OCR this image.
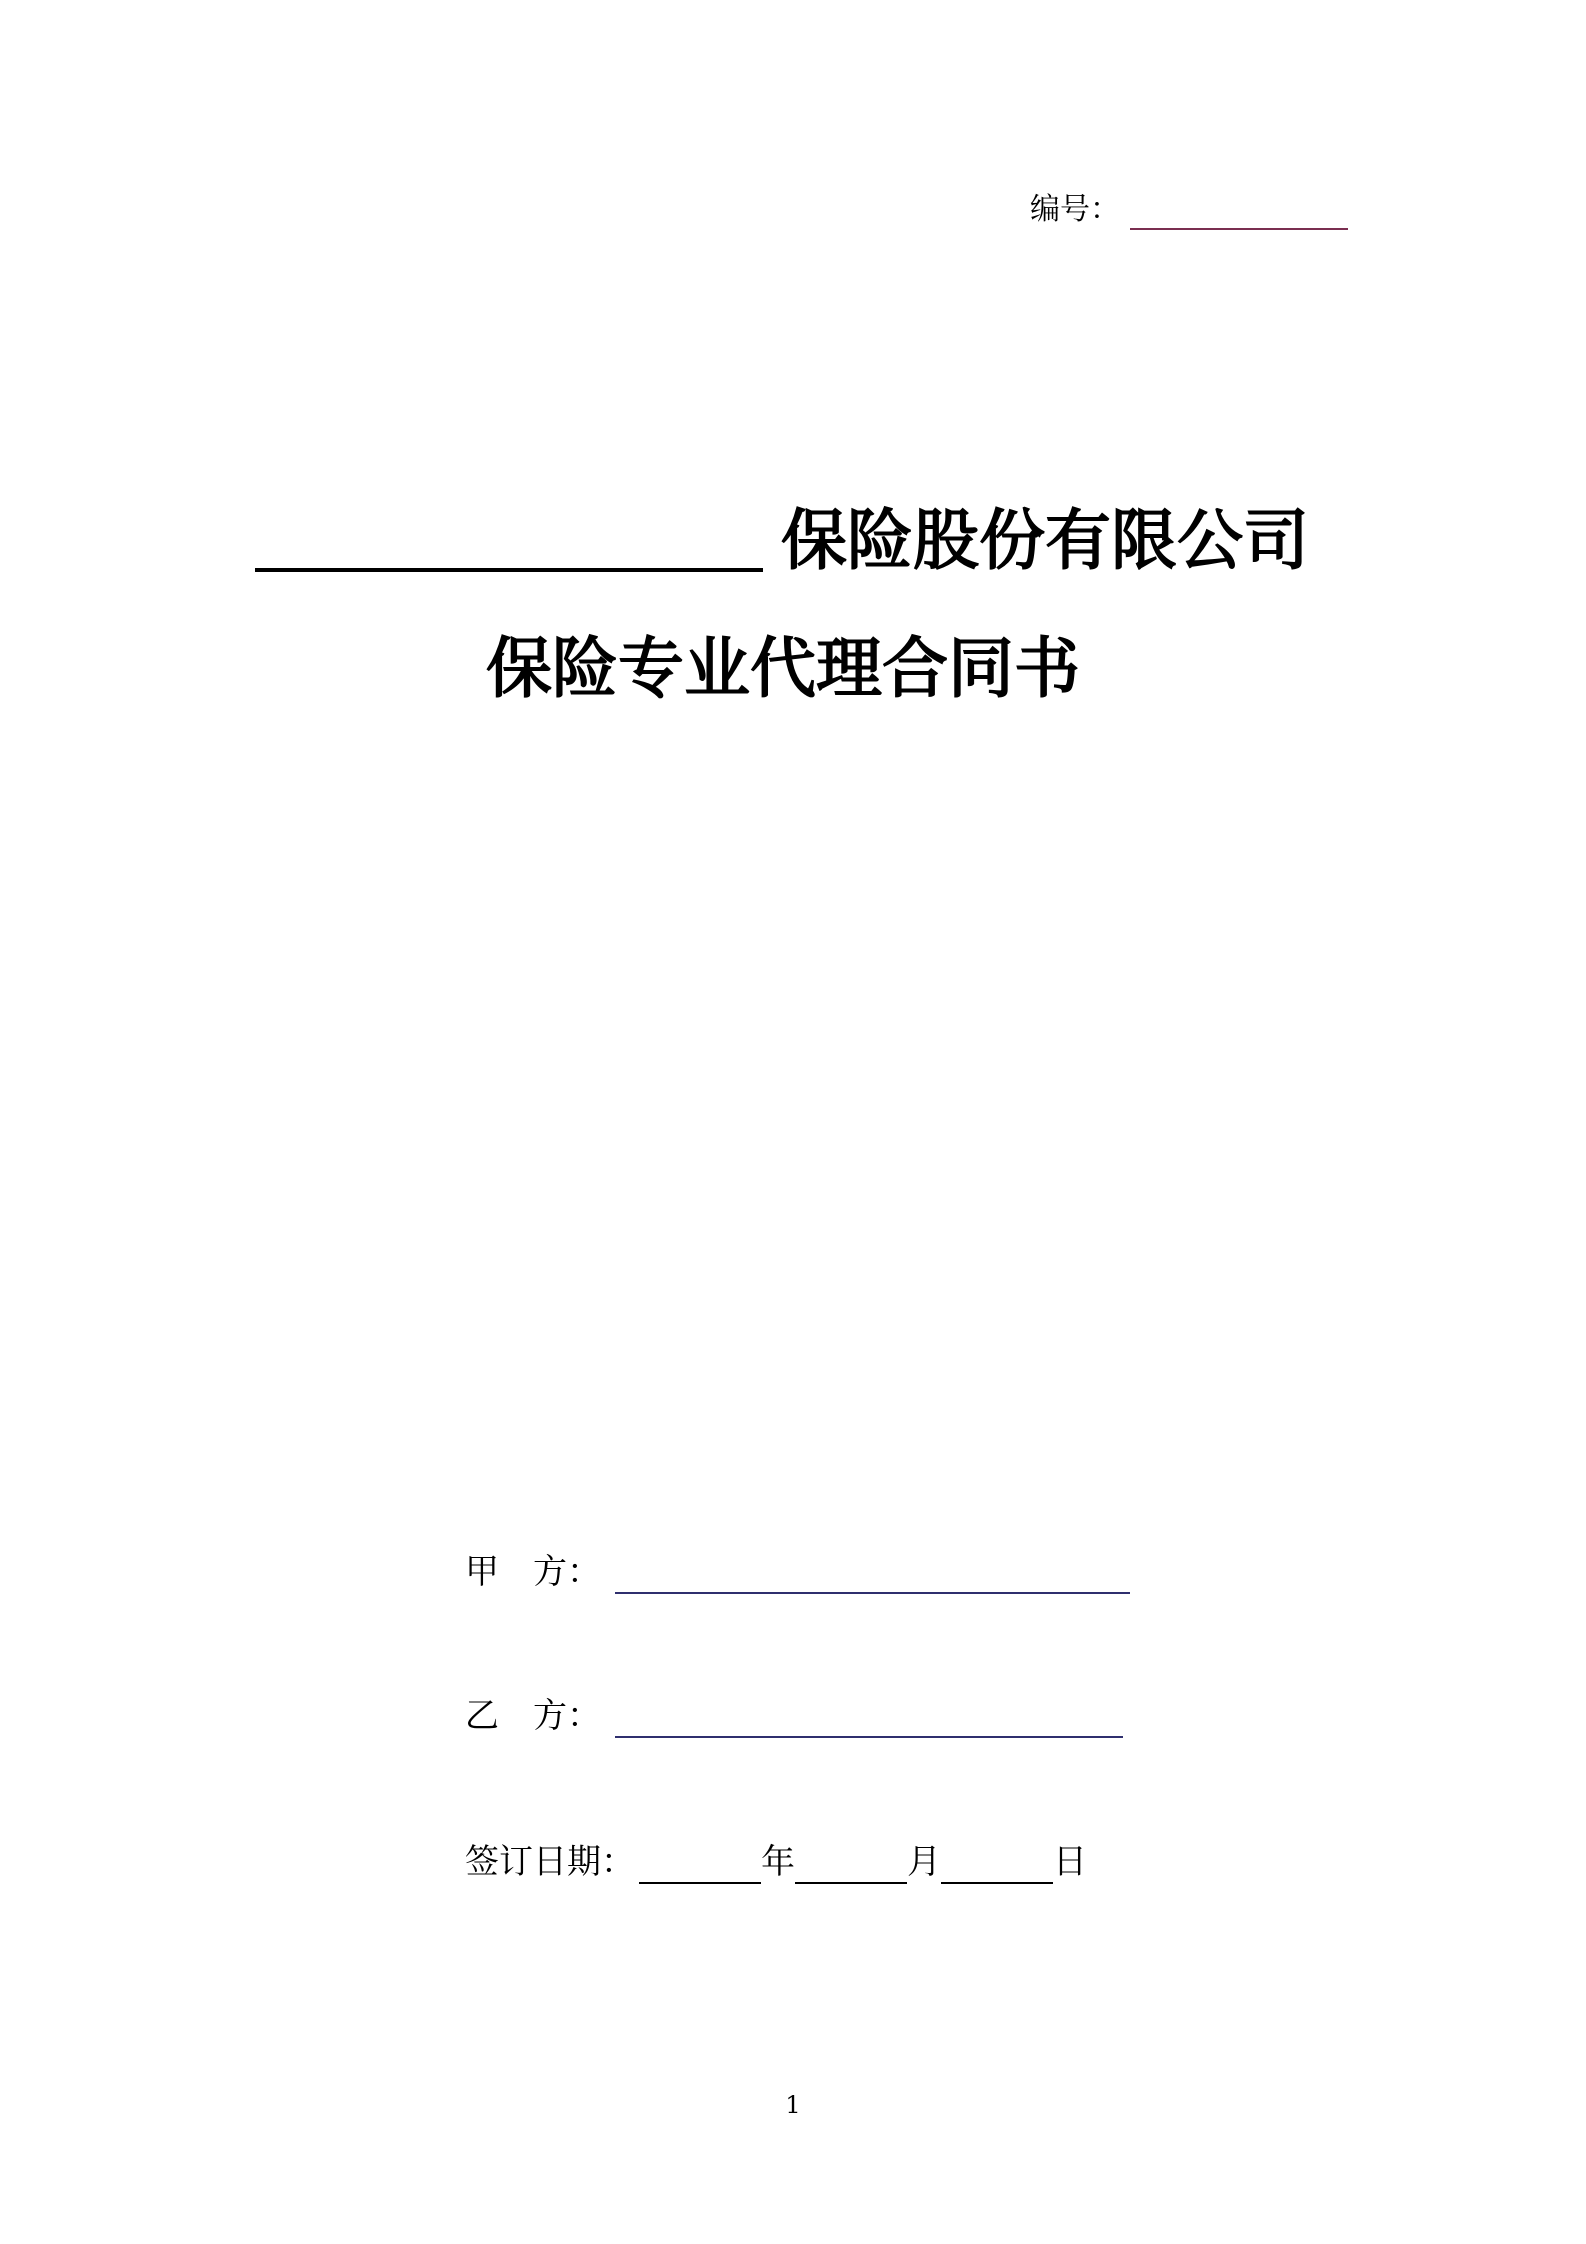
编号：
保险股份有限公司
保险专业代理合同书
甲　方：
乙　方：
签订日期：	年	月	日
1
